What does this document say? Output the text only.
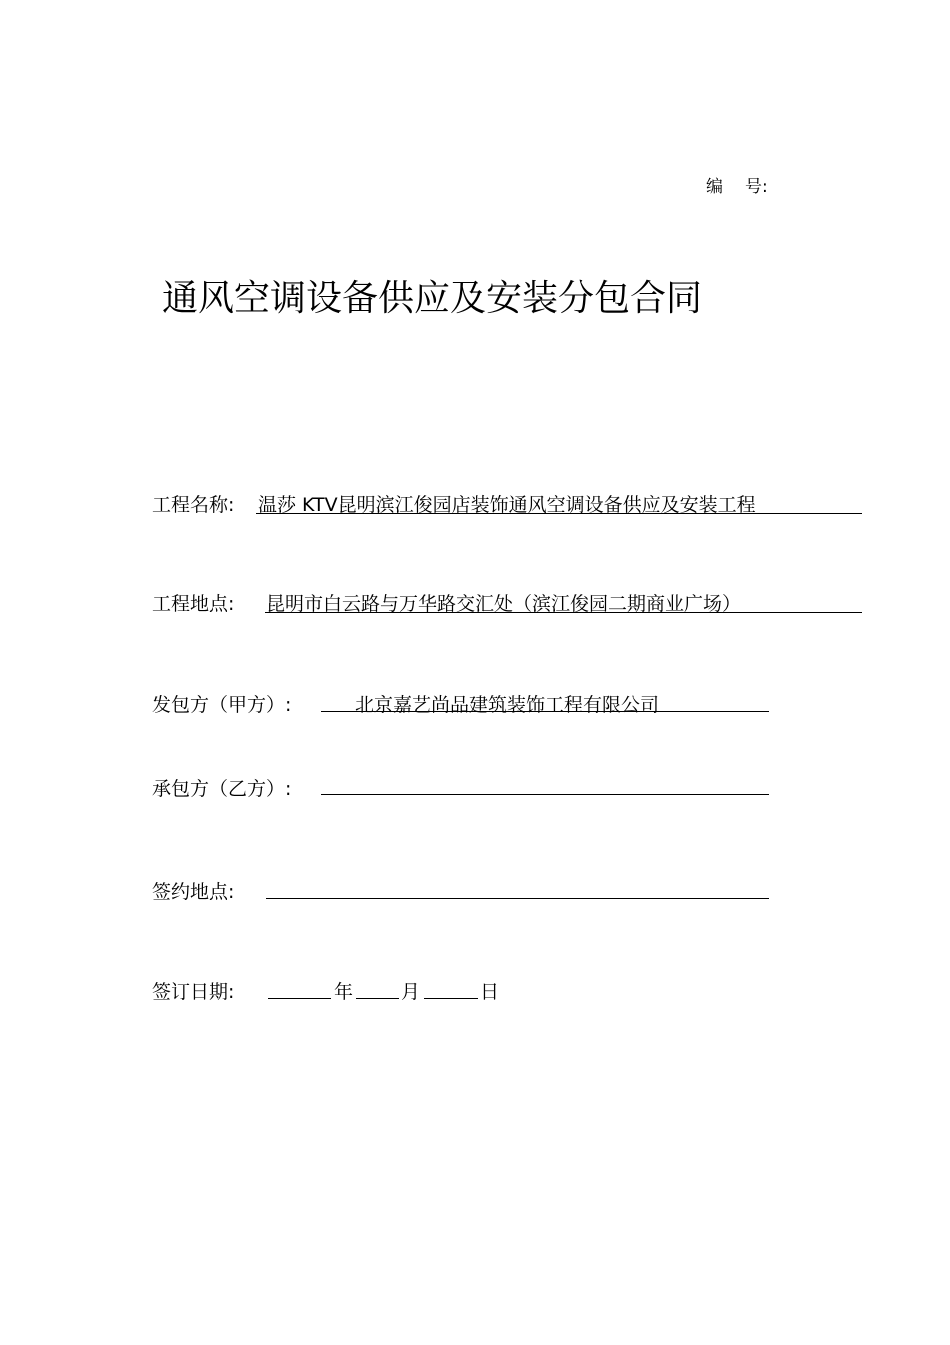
编 号:
通风空调设备供应及安装分包合同
工程名称: 温莎 KTV昆明滨江俊园店装饰通风空调设备供应及安装工程
工程地点: 昆明市白云路与万华路交汇处（滨江俊园二期商业广场）
发包方（甲方）:	北京嘉艺尚品建筑装饰工程有限公司
承包方（乙方）:
签约地点:
签订日期:	年	月	日
